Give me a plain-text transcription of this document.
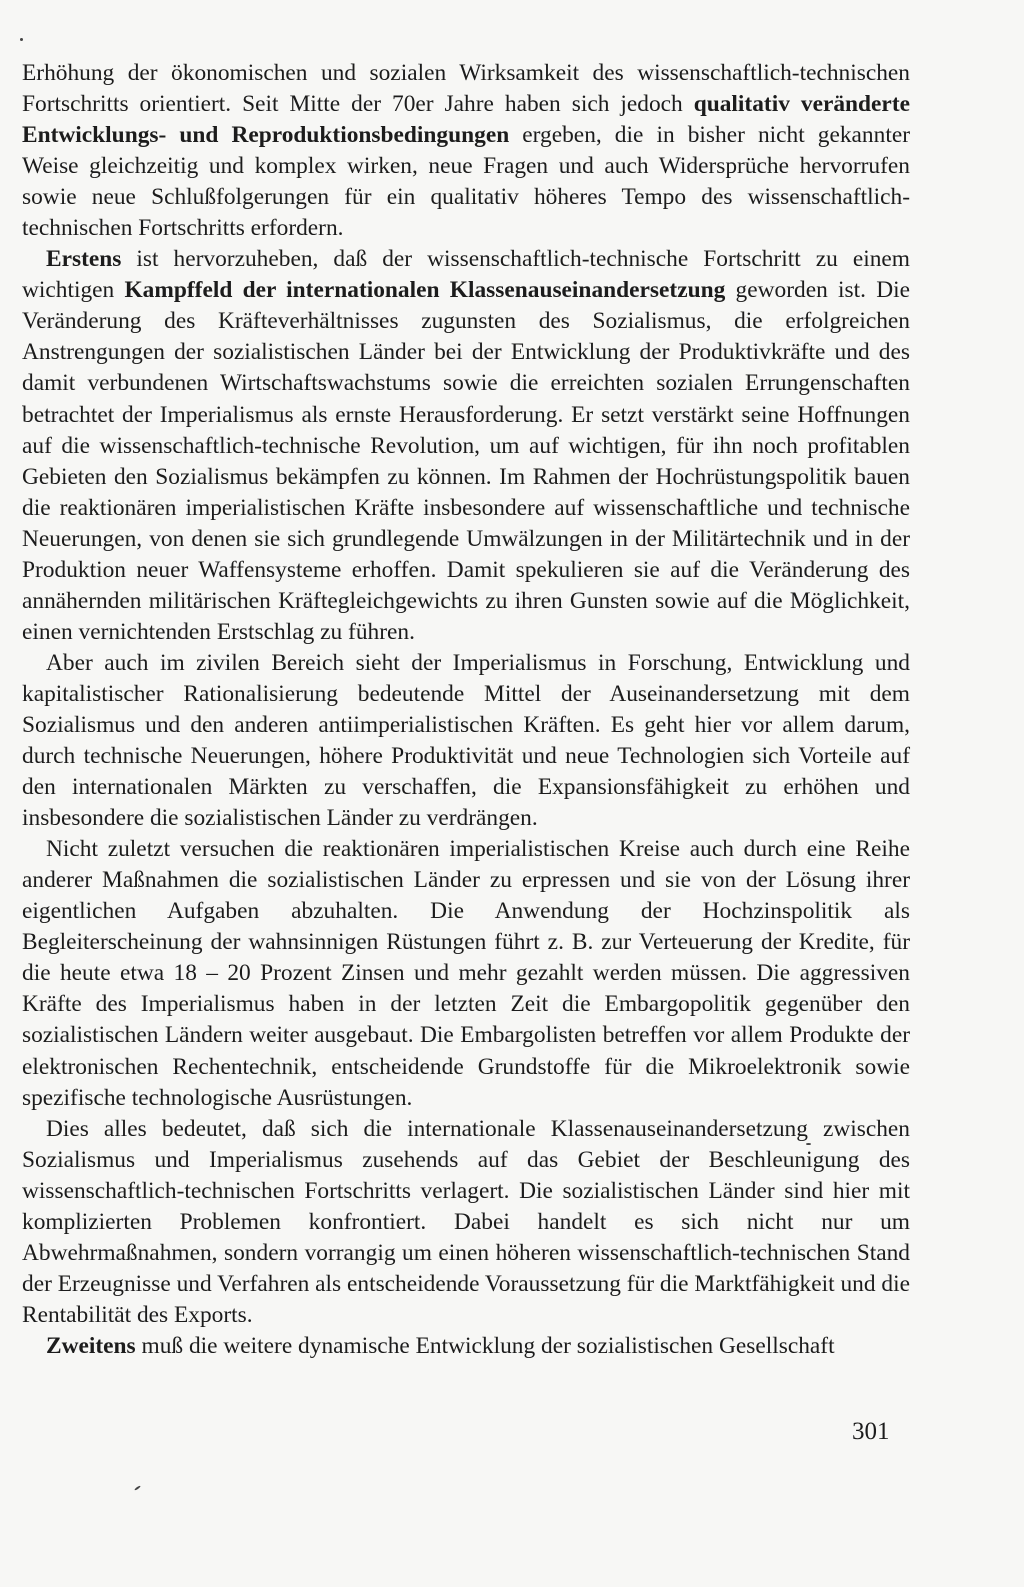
Erhöhung der ökonomischen und sozialen Wirksamkeit des wissenschaftlich-technischen Fortschritts orientiert. Seit Mitte der 70er Jahre haben sich jedoch qualitativ veränderte Entwicklungs- und Reproduktionsbedingungen ergeben, die in bisher nicht gekannter Weise gleichzeitig und komplex wirken, neue Fragen und auch Widersprüche hervorrufen sowie neue Schlußfolgerungen für ein qualitativ höheres Tempo des wissenschaftlich-technischen Fortschritts erfordern.

Erstens ist hervorzuheben, daß der wissenschaftlich-technische Fortschritt zu einem wichtigen Kampffeld der internationalen Klassenauseinandersetzung geworden ist. Die Veränderung des Kräfteverhältnisses zugunsten des Sozialismus, die erfolgreichen Anstrengungen der sozialistischen Länder bei der Entwicklung der Produktivkräfte und des damit verbundenen Wirtschaftswachstums sowie die erreichten sozialen Errungenschaften betrachtet der Imperialismus als ernste Herausforderung. Er setzt verstärkt seine Hoffnungen auf die wissenschaftlich-technische Revolution, um auf wichtigen, für ihn noch profitablen Gebieten den Sozialismus bekämpfen zu können. Im Rahmen der Hochrüstungspolitik bauen die reaktionären imperialistischen Kräfte insbesondere auf wissenschaftliche und technische Neuerungen, von denen sie sich grundlegende Umwälzungen in der Militärtechnik und in der Produktion neuer Waffensysteme erhoffen. Damit spekulieren sie auf die Veränderung des annähernden militärischen Kräftegleichgewichts zu ihren Gunsten sowie auf die Möglichkeit, einen vernichtenden Erstschlag zu führen.

Aber auch im zivilen Bereich sieht der Imperialismus in Forschung, Entwicklung und kapitalistischer Rationalisierung bedeutende Mittel der Auseinandersetzung mit dem Sozialismus und den anderen antiimperialistischen Kräften. Es geht hier vor allem darum, durch technische Neuerungen, höhere Produktivität und neue Technologien sich Vorteile auf den internationalen Märkten zu verschaffen, die Expansionsfähigkeit zu erhöhen und insbesondere die sozialistischen Länder zu verdrängen.

Nicht zuletzt versuchen die reaktionären imperialistischen Kreise auch durch eine Reihe anderer Maßnahmen die sozialistischen Länder zu erpressen und sie von der Lösung ihrer eigentlichen Aufgaben abzuhalten. Die Anwendung der Hochzinspolitik als Begleiterscheinung der wahnsinnigen Rüstungen führt z. B. zur Verteuerung der Kredite, für die heute etwa 18 – 20 Prozent Zinsen und mehr gezahlt werden müssen. Die aggressiven Kräfte des Imperialismus haben in der letzten Zeit die Embargopolitik gegenüber den sozialistischen Ländern weiter ausgebaut. Die Embargolisten betreffen vor allem Produkte der elektronischen Rechentechnik, entscheidende Grundstoffe für die Mikroelektronik sowie spezifische technologische Ausrüstungen.

Dies alles bedeutet, daß sich die internationale Klassenauseinandersetzung zwischen Sozialismus und Imperialismus zusehends auf das Gebiet der Beschleunigung des wissenschaftlich-technischen Fortschritts verlagert. Die sozialistischen Länder sind hier mit komplizierten Problemen konfrontiert. Dabei handelt es sich nicht nur um Abwehrmaßnahmen, sondern vorrangig um einen höheren wissenschaftlich-technischen Stand der Erzeugnisse und Verfahren als entscheidende Voraussetzung für die Marktfähigkeit und die Rentabilität des Exports.

Zweitens muß die weitere dynamische Entwicklung der sozialistischen Gesellschaft

301
